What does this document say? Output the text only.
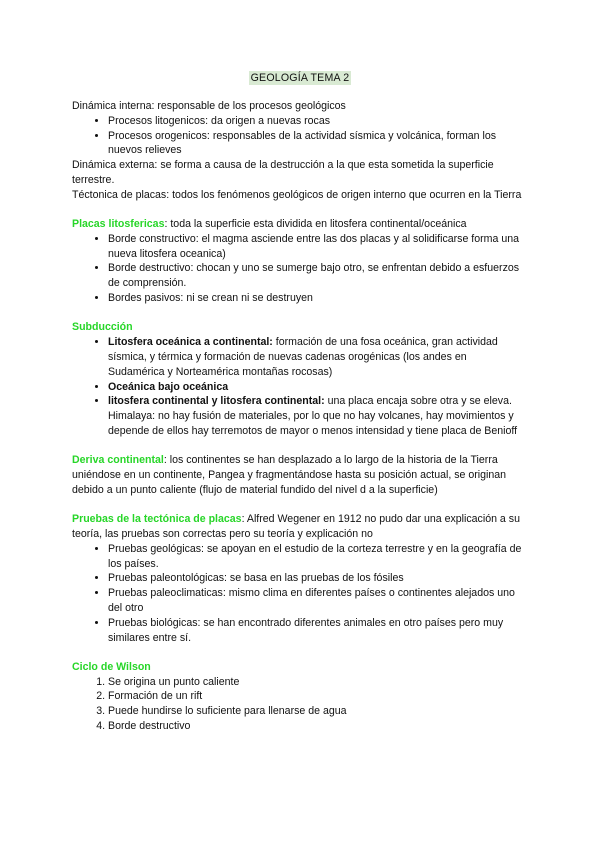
GEOLOGÍA TEMA 2

Dinámica interna: responsable de los procesos geológicos

• Procesos litogenicos: da origen a nuevas rocas
• Procesos orogenicos: responsables de la actividad sísmica y volcánica, forman los nuevos relieves

Dinámica externa: se forma a causa de la destrucción a la que esta sometida la superficie terrestre.

Téctonica de placas: todos los fenómenos geológicos de origen interno que ocurren en la Tierra

Placas litosfericas: toda la superficie esta dividida en litosfera continental/oceánica

• Borde constructivo: el magma asciende entre las dos placas y al solidificarse forma una nueva litosfera oceanica)
• Borde destructivo: chocan y uno se sumerge bajo otro, se enfrentan debido a esfuerzos de comprensión.
• Bordes pasivos: ni se crean ni se destruyen

Subducción

• Litosfera oceánica a continental: formación de una fosa oceánica, gran actividad sísmica, y térmica y formación de nuevas cadenas orogénicas (los andes en Sudamérica y Norteamérica montañas rocosas)
• Oceánica bajo oceánica
• litosfera continental y litosfera continental: una placa encaja sobre otra y se eleva. Himalaya: no hay fusión de materiales, por lo que no hay volcanes, hay movimientos y depende de ellos hay terremotos de mayor o menos intensidad y tiene placa de Benioff

Deriva continental: los continentes se han desplazado a lo largo de la historia de la Tierra uniéndose en un continente, Pangea y fragmentándose hasta su posición actual, se originan debido a un punto caliente (flujo de material fundido del nivel d a la superficie)

Pruebas de la tectónica de placas: Alfred Wegener en 1912 no pudo dar una explicación a su teoría, las pruebas son correctas pero su teoría y explicación no

• Pruebas geológicas: se apoyan en el estudio de la corteza terrestre y en la geografía de los países.
• Pruebas paleontológicas: se basa en las pruebas de los fósiles
• Pruebas paleoclimaticas: mismo clima en diferentes países o continentes alejados uno del otro
• Pruebas biológicas: se han encontrado diferentes animales en otro países pero muy similares entre sí.

Ciclo de Wilson

1. Se origina un punto caliente
2. Formación de un rift
3. Puede hundirse lo suficiente para llenarse de agua
4. Borde destructivo
